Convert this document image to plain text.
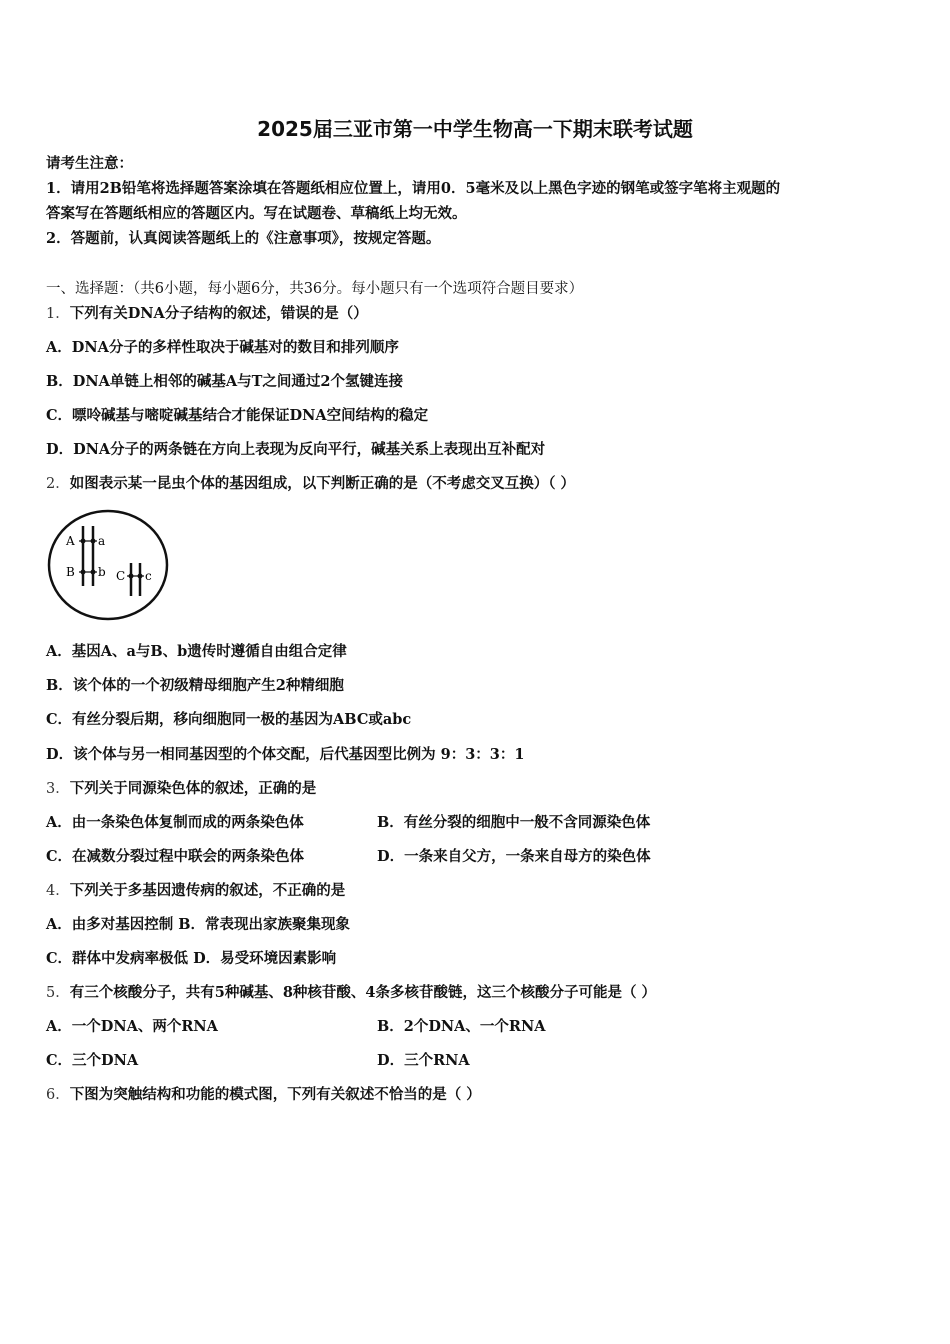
2025届三亚市第一中学生物高一下期末联考试题
请考生注意：
1．请用2B铅笔将选择题答案涂填在答题纸相应位置上，请用0．5毫米及以上黑色字迹的钢笔或签字笔将主观题的
答案写在答题纸相应的答题区内。写在试题卷、草稿纸上均无效。
2．答题前，认真阅读答题纸上的《注意事项》，按规定答题。
一、选择题：（共6小题，每小题6分，共36分。每小题只有一个选项符合题目要求）
1．下列有关DNA分子结构的叙述，错误的是（）
A．DNA分子的多样性取决于碱基对的数目和排列顺序
B．DNA单链上相邻的碱基A与T之间通过2个氢键连接
C．嘌呤碱基与嘧啶碱基结合才能保证DNA空间结构的稳定
D．DNA分子的两条链在方向上表现为反向平行，碱基关系上表现出互补配对
2．如图表示某一昆虫个体的基因组成，以下判断正确的是（不考虑交叉互换）（ ）
A a
B b C c
A．基因A、a与B、b遗传时遵循自由组合定律
B．该个体的一个初级精母细胞产生2种精细胞
C．有丝分裂后期，移向细胞同一极的基因为ABC或abc
D．该个体与另一相同基因型的个体交配，后代基因型比例为 9：3：3：1
3．下列关于同源染色体的叙述，正确的是
A．由一条染色体复制而成的两条染色体	B．有丝分裂的细胞中一般不含同源染色体
C．在减数分裂过程中联会的两条染色体	D．一条来自父方，一条来自母方的染色体
4．下列关于多基因遗传病的叙述，不正确的是
A．由多对基因控制 B．常表现出家族聚集现象
C．群体中发病率极低 D．易受环境因素影响
5．有三个核酸分子，共有5种碱基、8种核苷酸、4条多核苷酸链，这三个核酸分子可能是（ ）
A．一个DNA、两个RNA	B．2个DNA、一个RNA
C．三个DNA	D．三个RNA
6．下图为突触结构和功能的模式图，下列有关叙述不恰当的是（ ）
